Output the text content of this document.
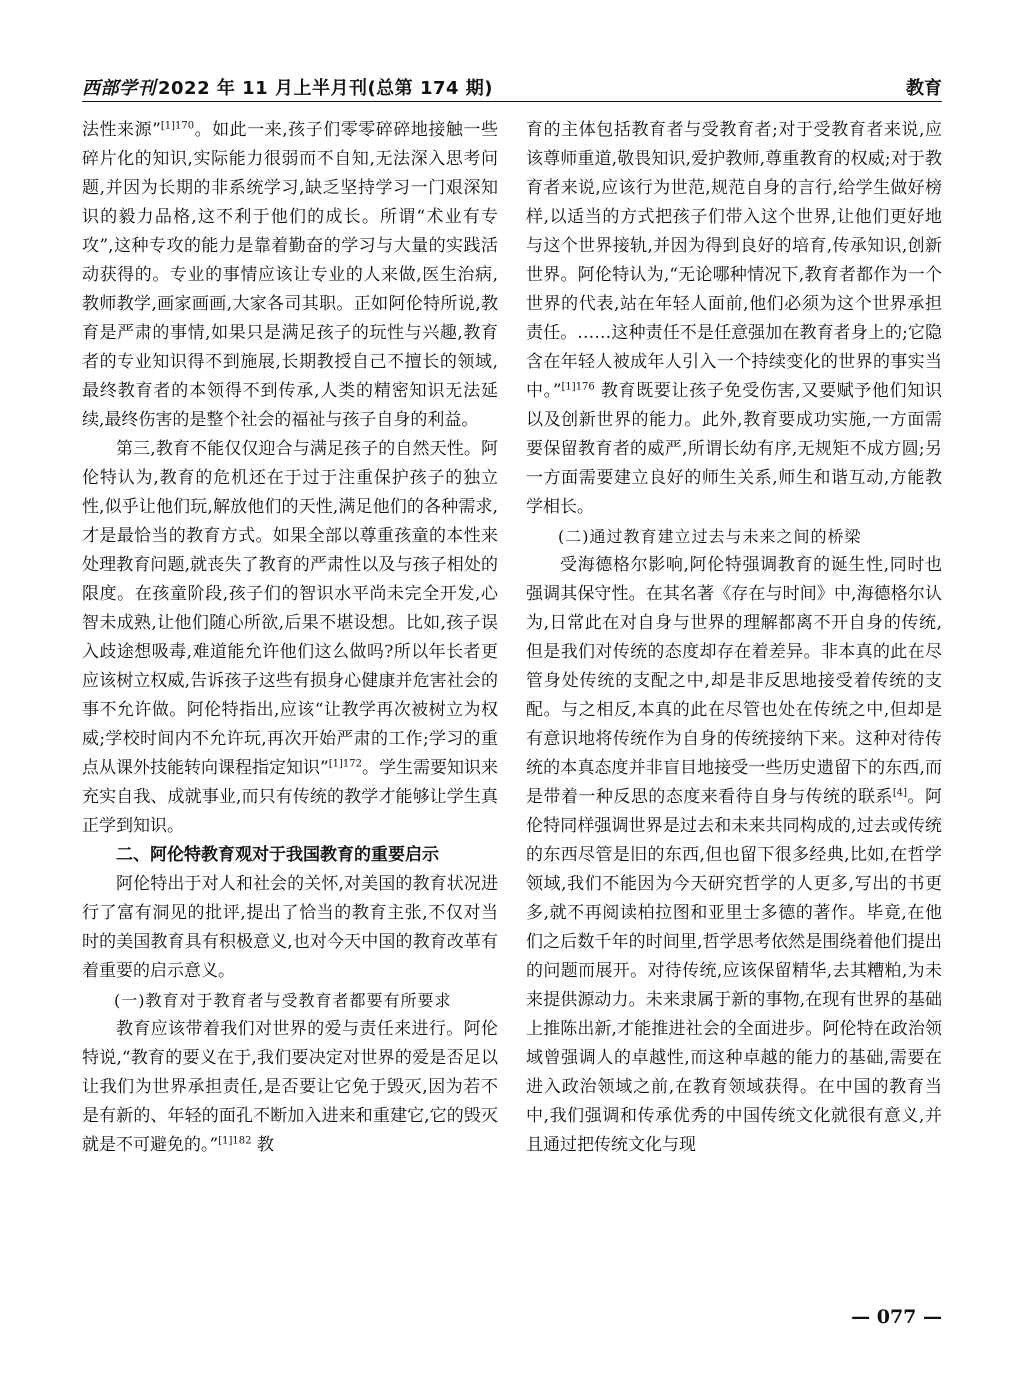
西部学刊 2022 年 11 月上半月刊(总第 174 期)	教育

法性来源”$^{[1]170}$。如此一来,孩子们零零碎碎地接触一些碎片化的知识,实际能力很弱而不自知,无法深入思考问题,并因为长期的非系统学习,缺乏坚持学习一门艰深知识的毅力品格,这不利于他们的成长。所谓“术业有专攻”,这种专攻的能力是靠着勤奋的学习与大量的实践活动获得的。专业的事情应该让专业的人来做,医生治病,教师教学,画家画画,大家各司其职。正如阿伦特所说,教育是严肃的事情,如果只是满足孩子的玩性与兴趣,教育者的专业知识得不到施展,长期教授自己不擅长的领域,最终教育者的本领得不到传承,人类的精密知识无法延续,最终伤害的是整个社会的福祉与孩子自身的利益。

第三,教育不能仅仅迎合与满足孩子的自然天性。阿伦特认为,教育的危机还在于过于注重保护孩子的独立性,似乎让他们玩,解放他们的天性,满足他们的各种需求,才是最恰当的教育方式。如果全部以尊重孩童的本性来处理教育问题,就丧失了教育的严肃性以及与孩子相处的限度。在孩童阶段,孩子们的智识水平尚未完全开发,心智未成熟,让他们随心所欲,后果不堪设想。比如,孩子误入歧途想吸毒,难道能允许他们这么做吗?所以年长者更应该树立权威,告诉孩子这些有损身心健康并危害社会的事不允许做。阿伦特指出,应该“让教学再次被树立为权威;学校时间内不允许玩,再次开始严肃的工作;学习的重点从课外技能转向课程指定知识”$^{[1]172}$。学生需要知识来充实自我、成就事业,而只有传统的教学才能够让学生真正学到知识。

二、阿伦特教育观对于我国教育的重要启示

阿伦特出于对人和社会的关怀,对美国的教育状况进行了富有洞见的批评,提出了恰当的教育主张,不仅对当时的美国教育具有积极意义,也对今天中国的教育改革有着重要的启示意义。

(一)教育对于教育者与受教育者都要有所要求

教育应该带着我们对世界的爱与责任来进行。阿伦特说,“教育的要义在于,我们要决定对世界的爱是否足以让我们为世界承担责任,是否要让它免于毁灭,因为若不是有新的、年轻的面孔不断加入进来和重建它,它的毁灭就是不可避免的。”$^{[1]182}$ 教

育的主体包括教育者与受教育者;对于受教育者来说,应该尊师重道,敬畏知识,爱护教师,尊重教育的权威;对于教育者来说,应该行为世范,规范自身的言行,给学生做好榜样,以适当的方式把孩子们带入这个世界,让他们更好地与这个世界接轨,并因为得到良好的培育,传承知识,创新世界。阿伦特认为,“无论哪种情况下,教育者都作为一个世界的代表,站在年轻人面前,他们必须为这个世界承担责任。……这种责任不是任意强加在教育者身上的;它隐含在年轻人被成年人引入一个持续变化的世界的事实当中。”$^{[1]176}$ 教育既要让孩子免受伤害,又要赋予他们知识以及创新世界的能力。此外,教育要成功实施,一方面需要保留教育者的威严,所谓长幼有序,无规矩不成方圆;另一方面需要建立良好的师生关系,师生和谐互动,方能教学相长。

(二)通过教育建立过去与未来之间的桥梁

受海德格尔影响,阿伦特强调教育的诞生性,同时也强调其保守性。在其名著《存在与时间》中,海德格尔认为,日常此在对自身与世界的理解都离不开自身的传统,但是我们对传统的态度却存在着差异。非本真的此在尽管身处传统的支配之中,却是非反思地接受着传统的支配。与之相反,本真的此在尽管也处在传统之中,但却是有意识地将传统作为自身的传统接纳下来。这种对待传统的本真态度并非盲目地接受一些历史遗留下的东西,而是带着一种反思的态度来看待自身与传统的联系[4]。阿伦特同样强调世界是过去和未来共同构成的,过去或传统的东西尽管是旧的东西,但也留下很多经典,比如,在哲学领域,我们不能因为今天研究哲学的人更多,写出的书更多,就不再阅读柏拉图和亚里士多德的著作。毕竟,在他们之后数千年的时间里,哲学思考依然是围绕着他们提出的问题而展开。对待传统,应该保留精华,去其糟粕,为未来提供源动力。未来隶属于新的事物,在现有世界的基础上推陈出新,才能推进社会的全面进步。阿伦特在政治领域曾强调人的卓越性,而这种卓越的能力的基础,需要在进入政治领域之前,在教育领域获得。在中国的教育当中,我们强调和传承优秀的中国传统文化就很有意义,并且通过把传统文化与现

— 077 —
